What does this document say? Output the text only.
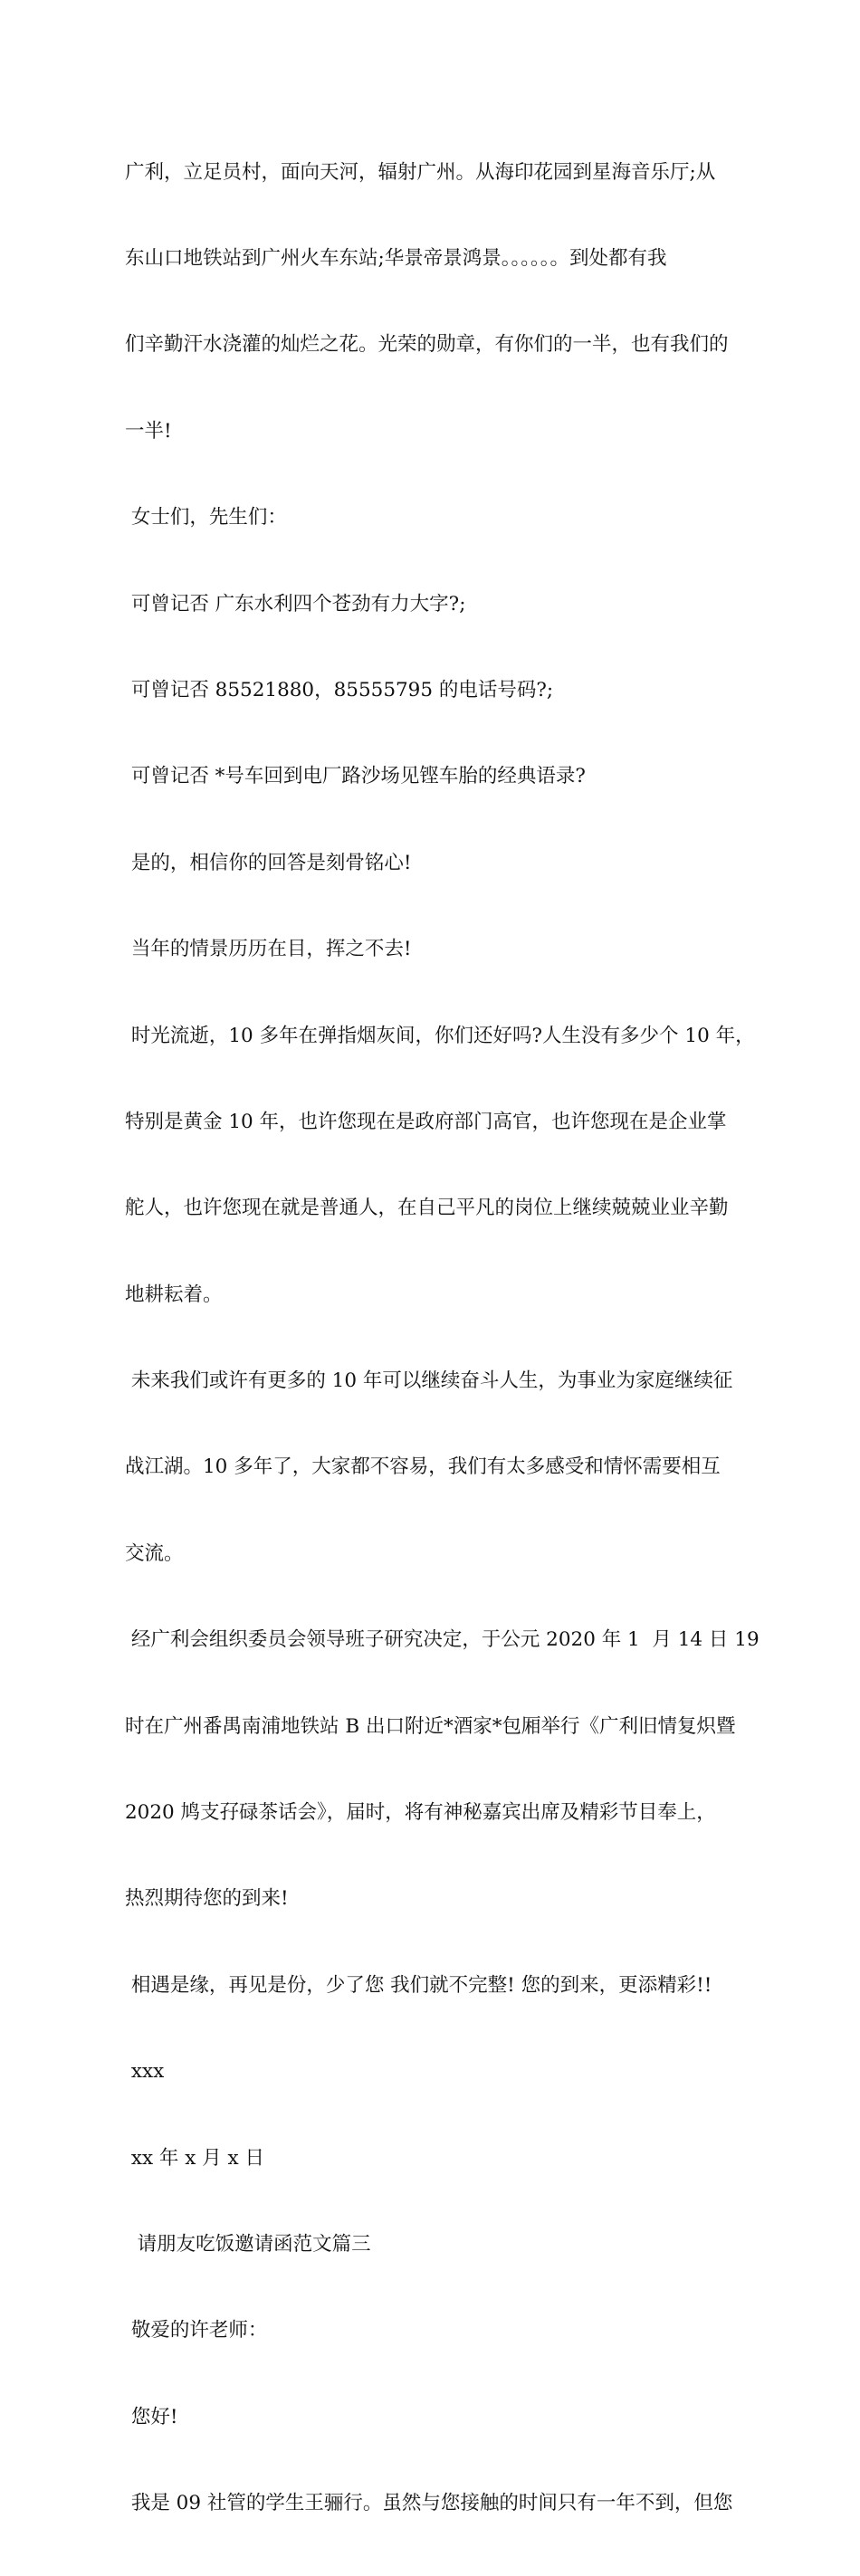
广利，立足员村，面向天河，辐射广州。从海印花园到星海音乐厅;从

东山口地铁站到广州火车东站;华景帝景鸿景。。。。。。到处都有我

们辛勤汗水浇灌的灿烂之花。光荣的勋章，有你们的一半，也有我们的

一半!

女士们，先生们：

可曾记否 广东水利四个苍劲有力大字?;

可曾记否 85521880，85555795 的电话号码?;

可曾记否 *号车回到电厂路沙场见铿车胎的经典语录?

是的，相信你的回答是刻骨铭心!

当年的情景历历在目，挥之不去!

时光流逝，10 多年在弹指烟灰间，你们还好吗?人生没有多少个 10 年，

特别是黄金 10 年，也许您现在是政府部门高官，也许您现在是企业掌

舵人，也许您现在就是普通人，在自己平凡的岗位上继续兢兢业业辛勤

地耕耘着。

未来我们或许有更多的 10 年可以继续奋斗人生，为事业为家庭继续征

战江湖。10 多年了，大家都不容易，我们有太多感受和情怀需要相互

交流。

经广利会组织委员会领导班子研究决定，于公元 2020 年 1  月 14 日 19

时在广州番禺南浦地铁站 B 出口附近*酒家*包厢举行《广利旧情复炽暨

2020 鸠支孖碌茶话会》，届时，将有神秘嘉宾出席及精彩节目奉上，

热烈期待您的到来!

相遇是缘，再见是份，少了您 我们就不完整! 您的到来，更添精彩!!

xxx

xx 年 x 月 x 日

请朋友吃饭邀请函范文篇三

敬爱的许老师：

您好!

我是 09 社管的学生王骊行。虽然与您接触的时间只有一年不到，但您
